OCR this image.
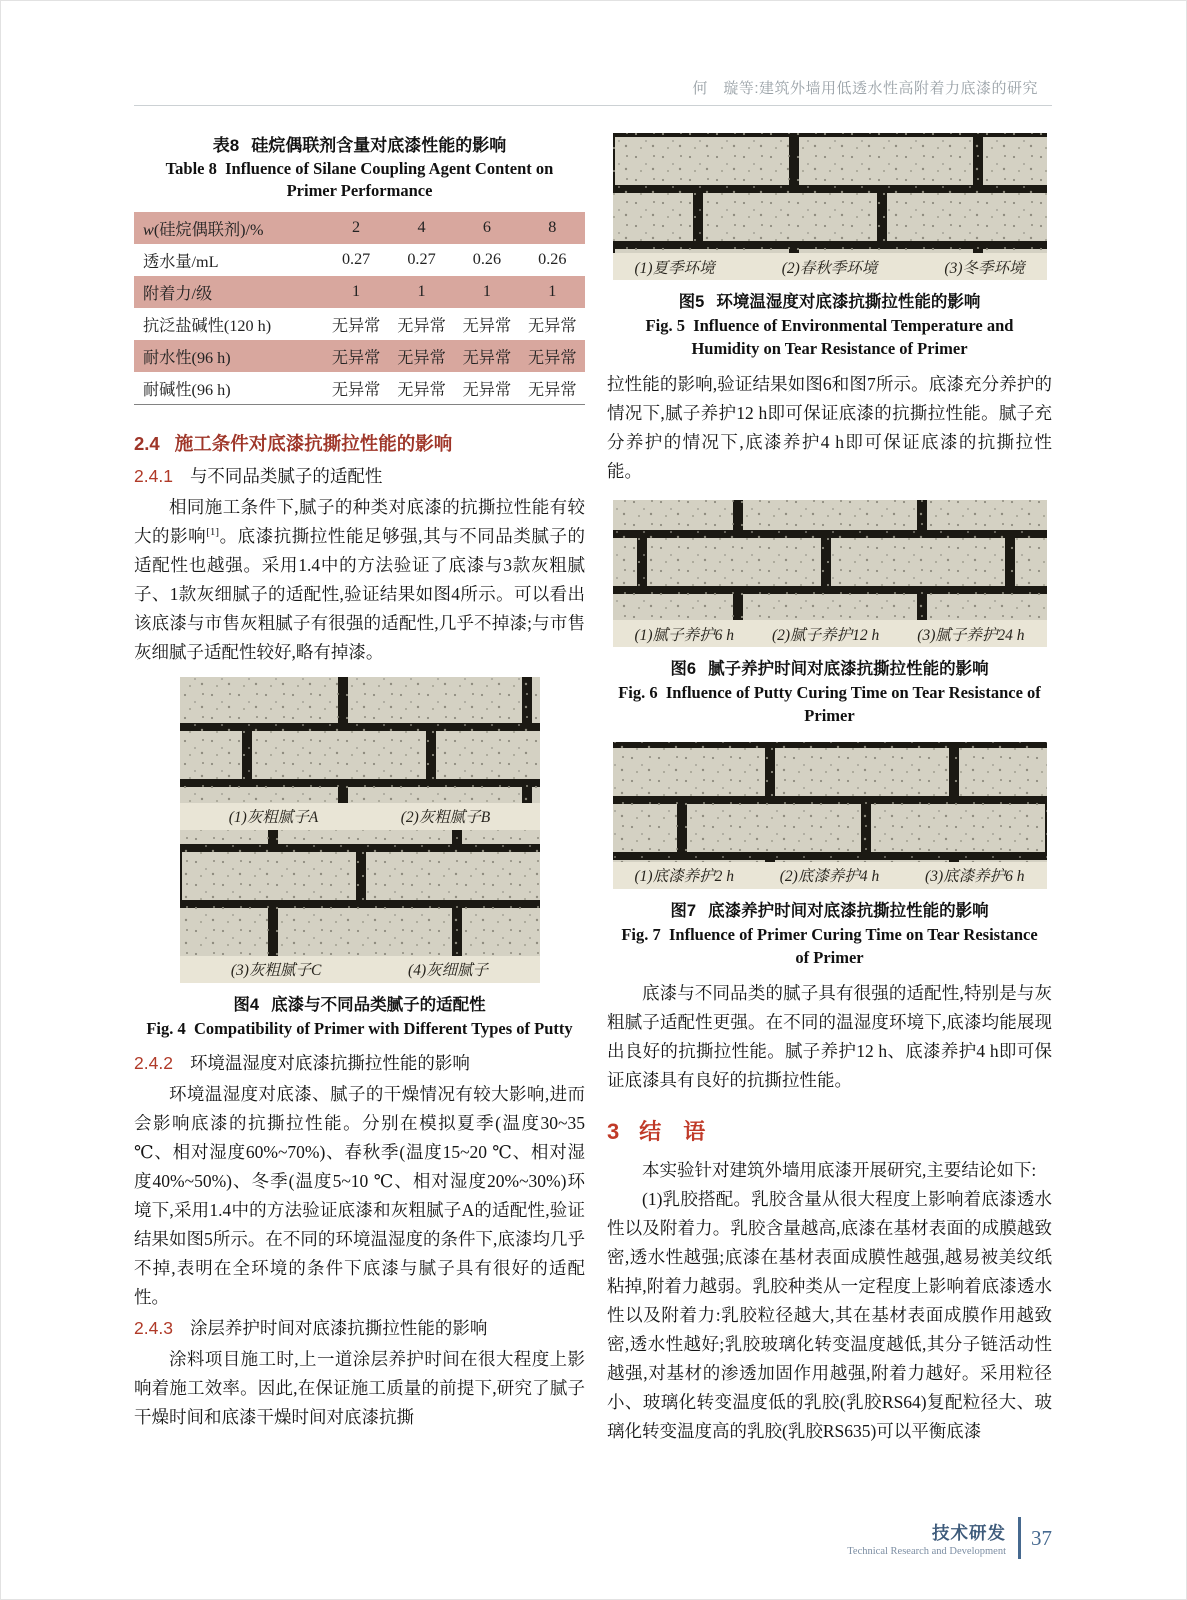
何　璇等:建筑外墙用低透水性高附着力底漆的研究
表8 硅烷偶联剂含量对底漆性能的影响
Table 8  Influence of Silane Coupling Agent Content on Primer Performance
w(硅烷偶联剂)/%	2	4	6	8
透水量/mL	0.27	0.27	0.26	0.26
附着力/级	1	1	1	1
抗泛盐碱性(120 h)	无异常	无异常	无异常	无异常
耐水性(96 h)	无异常	无异常	无异常	无异常
耐碱性(96 h)	无异常	无异常	无异常	无异常
2.4 施工条件对底漆抗撕拉性能的影响
2.4.1 与不同品类腻子的适配性

相同施工条件下,腻子的种类对底漆的抗撕拉性能有较大的影响[1]。底漆抗撕拉性能足够强,其与不同品类腻子的适配性也越强。采用1.4中的方法验证了底漆与3款灰粗腻子、1款灰细腻子的适配性,验证结果如图4所示。可以看出该底漆与市售灰粗腻子有很强的适配性,几乎不掉漆;与市售灰细腻子适配性较好,略有掉漆。

(1)灰粗腻子A	(2)灰粗腻子B
(3)灰粗腻子C	(4)灰细腻子
图4 底漆与不同品类腻子的适配性
Fig. 4  Compatibility of Primer with Different Types of Putty
2.4.2 环境温湿度对底漆抗撕拉性能的影响

环境温湿度对底漆、腻子的干燥情况有较大影响,进而会影响底漆的抗撕拉性能。分别在模拟夏季(温度30~35 ℃、相对湿度60%~70%)、春秋季(温度15~20 ℃、相对湿度40%~50%)、冬季(温度5~10 ℃、相对湿度20%~30%)环境下,采用1.4中的方法验证底漆和灰粗腻子A的适配性,验证结果如图5所示。在不同的环境温湿度的条件下,底漆均几乎不掉,表明在全环境的条件下底漆与腻子具有很好的适配性。

2.4.3 涂层养护时间对底漆抗撕拉性能的影响

涂料项目施工时,上一道涂层养护时间在很大程度上影响着施工效率。因此,在保证施工质量的前提下,研究了腻子干燥时间和底漆干燥时间对底漆抗撕

(1)夏季环境	(2)春秋季环境	(3)冬季环境
图5 环境温湿度对底漆抗撕拉性能的影响
Fig. 5  Influence of Environmental Temperature and Humidity on Tear Resistance of Primer

拉性能的影响,验证结果如图6和图7所示。底漆充分养护的情况下,腻子养护12 h即可保证底漆的抗撕拉性能。腻子充分养护的情况下,底漆养护4 h即可保证底漆的抗撕拉性能。

(1)腻子养护6 h (2)腻子养护12 h (3)腻子养护24 h
图6 腻子养护时间对底漆抗撕拉性能的影响
Fig. 6  Influence of Putty Curing Time on Tear Resistance of Primer
(1)底漆养护2 h	(2)底漆养护4 h	(3)底漆养护6 h
图7 底漆养护时间对底漆抗撕拉性能的影响
Fig. 7  Influence of Primer Curing Time on Tear Resistance of Primer

底漆与不同品类的腻子具有很强的适配性,特别是与灰粗腻子适配性更强。在不同的温湿度环境下,底漆均能展现出良好的抗撕拉性能。腻子养护12 h、底漆养护4 h即可保证底漆具有良好的抗撕拉性能。

3 结　语

本实验针对建筑外墙用底漆开展研究,主要结论如下:

(1)乳胶搭配。乳胶含量从很大程度上影响着底漆透水性以及附着力。乳胶含量越高,底漆在基材表面的成膜越致密,透水性越强;底漆在基材表面成膜性越强,越易被美纹纸粘掉,附着力越弱。乳胶种类从一定程度上影响着底漆透水性以及附着力:乳胶粒径越大,其在基材表面成膜作用越致密,透水性越好;乳胶玻璃化转变温度越低,其分子链活动性越强,对基材的渗透加固作用越强,附着力越好。采用粒径小、玻璃化转变温度低的乳胶(乳胶RS64)复配粒径大、玻璃化转变温度高的乳胶(乳胶RS635)可以平衡底漆

技术研发
Technical Research and Development
37
